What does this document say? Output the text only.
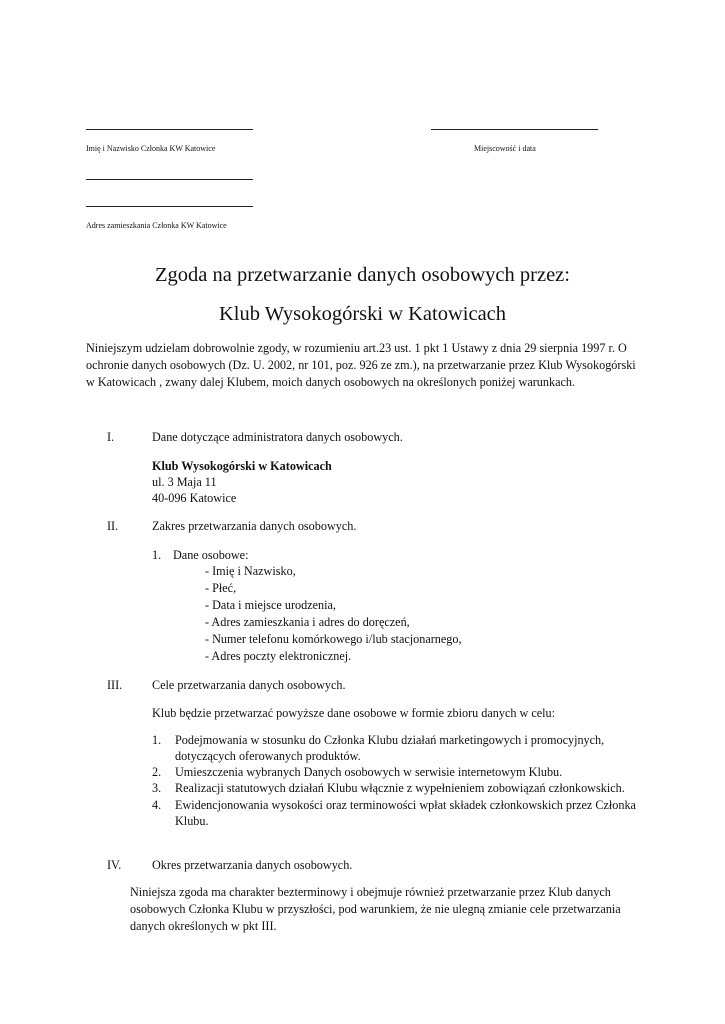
Imię i Nazwisko Członka KW Katowice	Miejscowość i data
Adres zamieszkania Członka KW Katowice
Zgoda na przetwarzanie danych osobowych przez:
Klub Wysokogórski w Katowicach
Niniejszym udzielam dobrowolnie zgody, w rozumieniu art.23 ust. 1 pkt 1 Ustawy z dnia 29 sierpnia 1997 r. O
ochronie danych osobowych (Dz. U. 2002, nr 101, poz. 926 ze zm.), na przetwarzanie przez Klub Wysokogórski
w Katowicach , zwany dalej Klubem, moich danych osobowych na określonych poniżej warunkach.
I.	Dane dotyczące administratora danych osobowych.
Klub Wysokogórski w Katowicach
ul. 3 Maja 11
40-096 Katowice
II.	Zakres przetwarzania danych osobowych.
1. Dane osobowe:
- Imię i Nazwisko,
- Płeć,
- Data i miejsce urodzenia,
- Adres zamieszkania i adres do doręczeń,
- Numer telefonu komórkowego i/lub stacjonarnego,
- Adres poczty elektronicznej.
III. Cele przetwarzania danych osobowych.
Klub będzie przetwarzać powyższe dane osobowe w formie zbioru danych w celu:
1. Podejmowania w stosunku do Członka Klubu działań marketingowych i promocyjnych,
dotyczących oferowanych produktów.
2. Umieszczenia wybranych Danych osobowych w serwisie internetowym Klubu.
3. Realizacji statutowych działań Klubu włącznie z wypełnieniem zobowiązań członkowskich.
4. Ewidencjonowania wysokości oraz terminowości wpłat składek członkowskich przez Członka
Klubu.
IV.	Okres przetwarzania danych osobowych.
Niniejsza zgoda ma charakter bezterminowy i obejmuje również przetwarzanie przez Klub danych
osobowych Członka Klubu w przyszłości, pod warunkiem, że nie ulegną zmianie cele przetwarzania
danych określonych w pkt III.
